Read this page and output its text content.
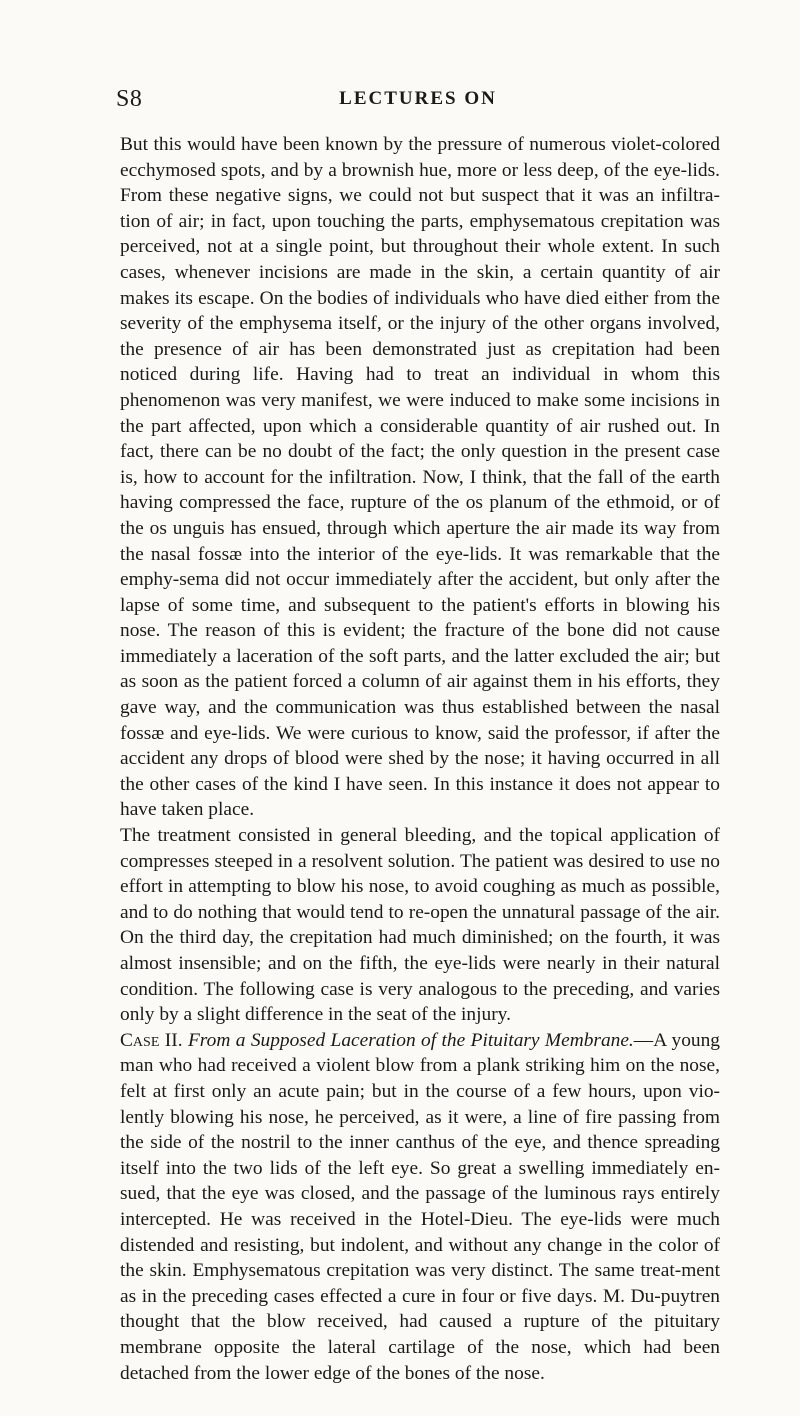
S8	LECTURES ON

But this would have been known by the pressure of numerous violet-colored ecchymosed spots, and by a brownish hue, more or less deep, of the eye-lids. From these negative signs, we could not but suspect that it was an infiltra-tion of air; in fact, upon touching the parts, emphysematous crepitation was perceived, not at a single point, but throughout their whole extent. In such cases, whenever incisions are made in the skin, a certain quantity of air makes its escape. On the bodies of individuals who have died either from the severity of the emphysema itself, or the injury of the other organs involved, the presence of air has been demonstrated just as crepitation had been noticed during life. Having had to treat an individual in whom this phenomenon was very manifest, we were induced to make some incisions in the part affected, upon which a considerable quantity of air rushed out. In fact, there can be no doubt of the fact; the only question in the present case is, how to account for the infiltration. Now, I think, that the fall of the earth having compressed the face, rupture of the os planum of the ethmoid, or of the os unguis has ensued, through which aperture the air made its way from the nasal fossæ into the interior of the eye-lids. It was remarkable that the emphy-sema did not occur immediately after the accident, but only after the lapse of some time, and subsequent to the patient's efforts in blowing his nose. The reason of this is evident; the fracture of the bone did not cause immediately a laceration of the soft parts, and the latter excluded the air; but as soon as the patient forced a column of air against them in his efforts, they gave way, and the communication was thus established between the nasal fossæ and eye-lids. We were curious to know, said the professor, if after the accident any drops of blood were shed by the nose; it having occurred in all the other cases of the kind I have seen. In this instance it does not appear to have taken place.

The treatment consisted in general bleeding, and the topical application of compresses steeped in a resolvent solution. The patient was desired to use no effort in attempting to blow his nose, to avoid coughing as much as possible, and to do nothing that would tend to re-open the unnatural passage of the air. On the third day, the crepitation had much diminished; on the fourth, it was almost insensible; and on the fifth, the eye-lids were nearly in their natural condition. The following case is very analogous to the preceding, and varies only by a slight difference in the seat of the injury.

Case II. From a Supposed Laceration of the Pituitary Membrane.—A young man who had received a violent blow from a plank striking him on the nose, felt at first only an acute pain; but in the course of a few hours, upon vio-lently blowing his nose, he perceived, as it were, a line of fire passing from the side of the nostril to the inner canthus of the eye, and thence spreading itself into the two lids of the left eye. So great a swelling immediately en-sued, that the eye was closed, and the passage of the luminous rays entirely intercepted. He was received in the Hotel-Dieu. The eye-lids were much distended and resisting, but indolent, and without any change in the color of the skin. Emphysematous crepitation was very distinct. The same treat-ment as in the preceding cases effected a cure in four or five days. M. Du-puytren thought that the blow received, had caused a rupture of the pituitary membrane opposite the lateral cartilage of the nose, which had been detached from the lower edge of the bones of the nose.
